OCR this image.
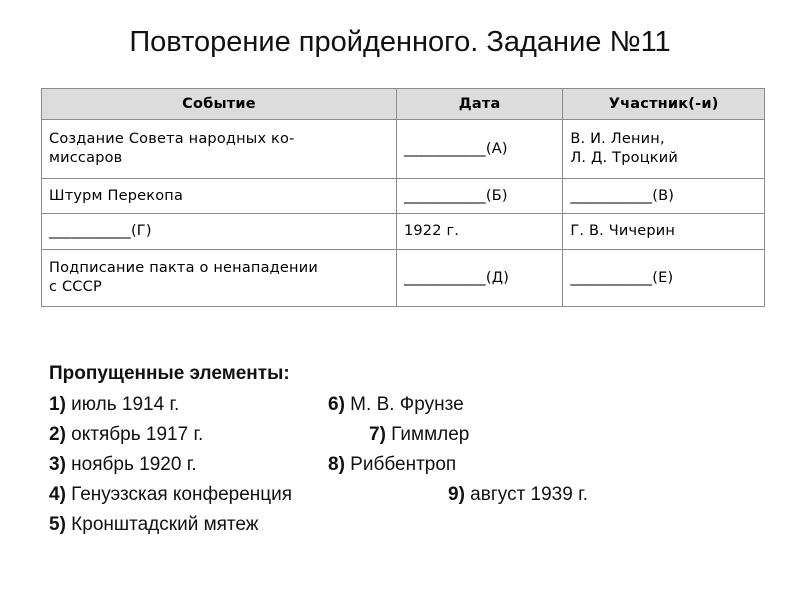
Повторение пройденного. Задание №11
Событие	Дата	Участник(-и)
Создание Совета народных ко-
миссаров	___________(А)	В. И. Ленин,
Л. Д. Троцкий
Штурм Перекопа	___________(Б)	___________(В)
___________(Г)	1922 г.	Г. В. Чичерин
Подписание пакта о ненападении
с СССР	___________(Д)	___________(Е)
Пропущенные элементы:
1) июль 1914 г.	6) М. В. Фрунзе
2) октябрь 1917 г.	7) Гиммлер
3) ноябрь 1920 г.	8) Риббентроп
4) Генуэзская конференция	9) август 1939 г.
5) Кронштадский мятеж
